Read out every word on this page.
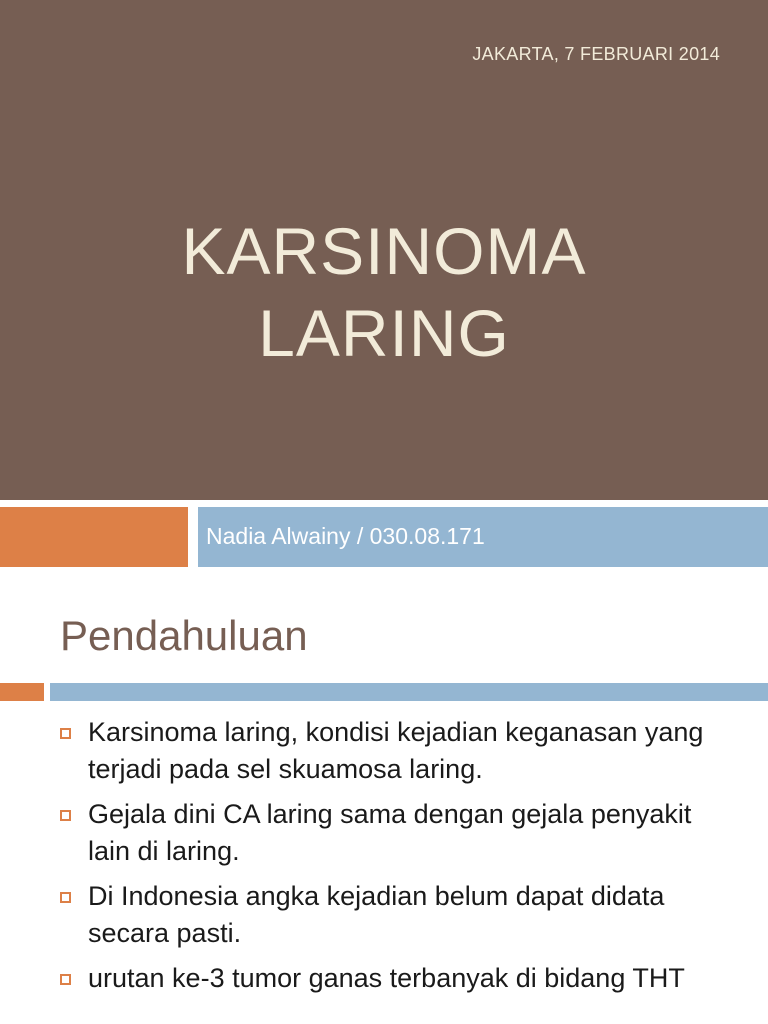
JAKARTA, 7 FEBRUARI 2014
KARSINOMA
LARING
Nadia Alwainy / 030.08.171
Pendahuluan
Karsinoma laring, kondisi kejadian keganasan yang terjadi pada sel skuamosa laring.
Gejala dini CA laring sama dengan gejala penyakit lain di laring.
Di Indonesia angka kejadian belum dapat didata secara pasti.
urutan ke-3 tumor ganas terbanyak di bidang THT
